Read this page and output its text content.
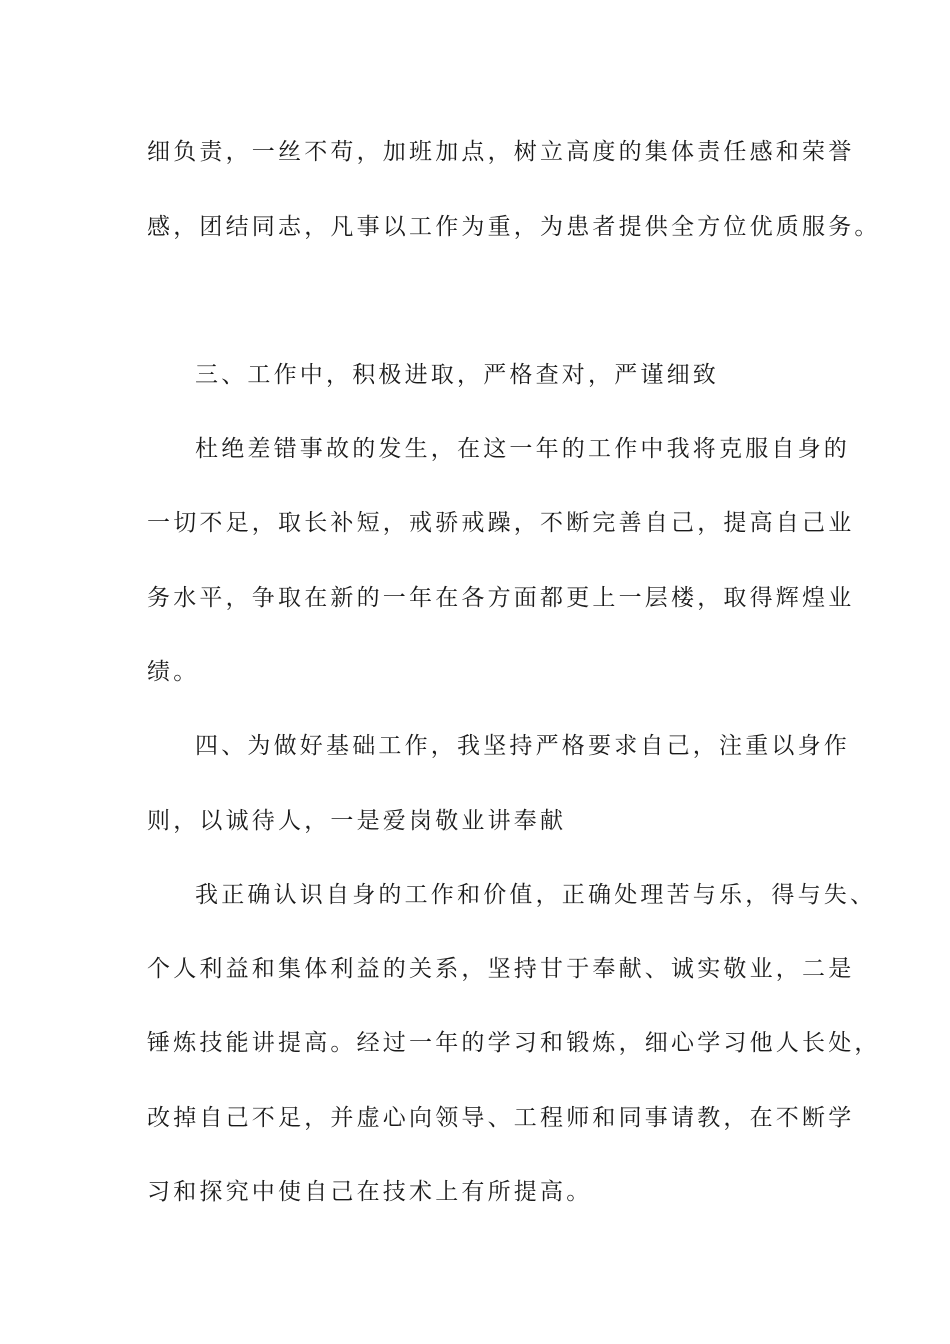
细负责，一丝不苟，加班加点，树立高度的集体责任感和荣誉
感，团结同志，凡事以工作为重，为患者提供全方位优质服务。
三、工作中，积极进取，严格查对，严谨细致
杜绝差错事故的发生，在这一年的工作中我将克服自身的
一切不足，取长补短，戒骄戒躁，不断完善自己，提高自己业
务水平，争取在新的一年在各方面都更上一层楼，取得辉煌业
绩。
四、为做好基础工作，我坚持严格要求自己，注重以身作
则，以诚待人，一是爱岗敬业讲奉献
我正确认识自身的工作和价值，正确处理苦与乐，得与失、
个人利益和集体利益的关系，坚持甘于奉献、诚实敬业，二是
锤炼技能讲提高。经过一年的学习和锻炼，细心学习他人长处，
改掉自己不足，并虚心向领导、工程师和同事请教，在不断学
习和探究中使自己在技术上有所提高。
